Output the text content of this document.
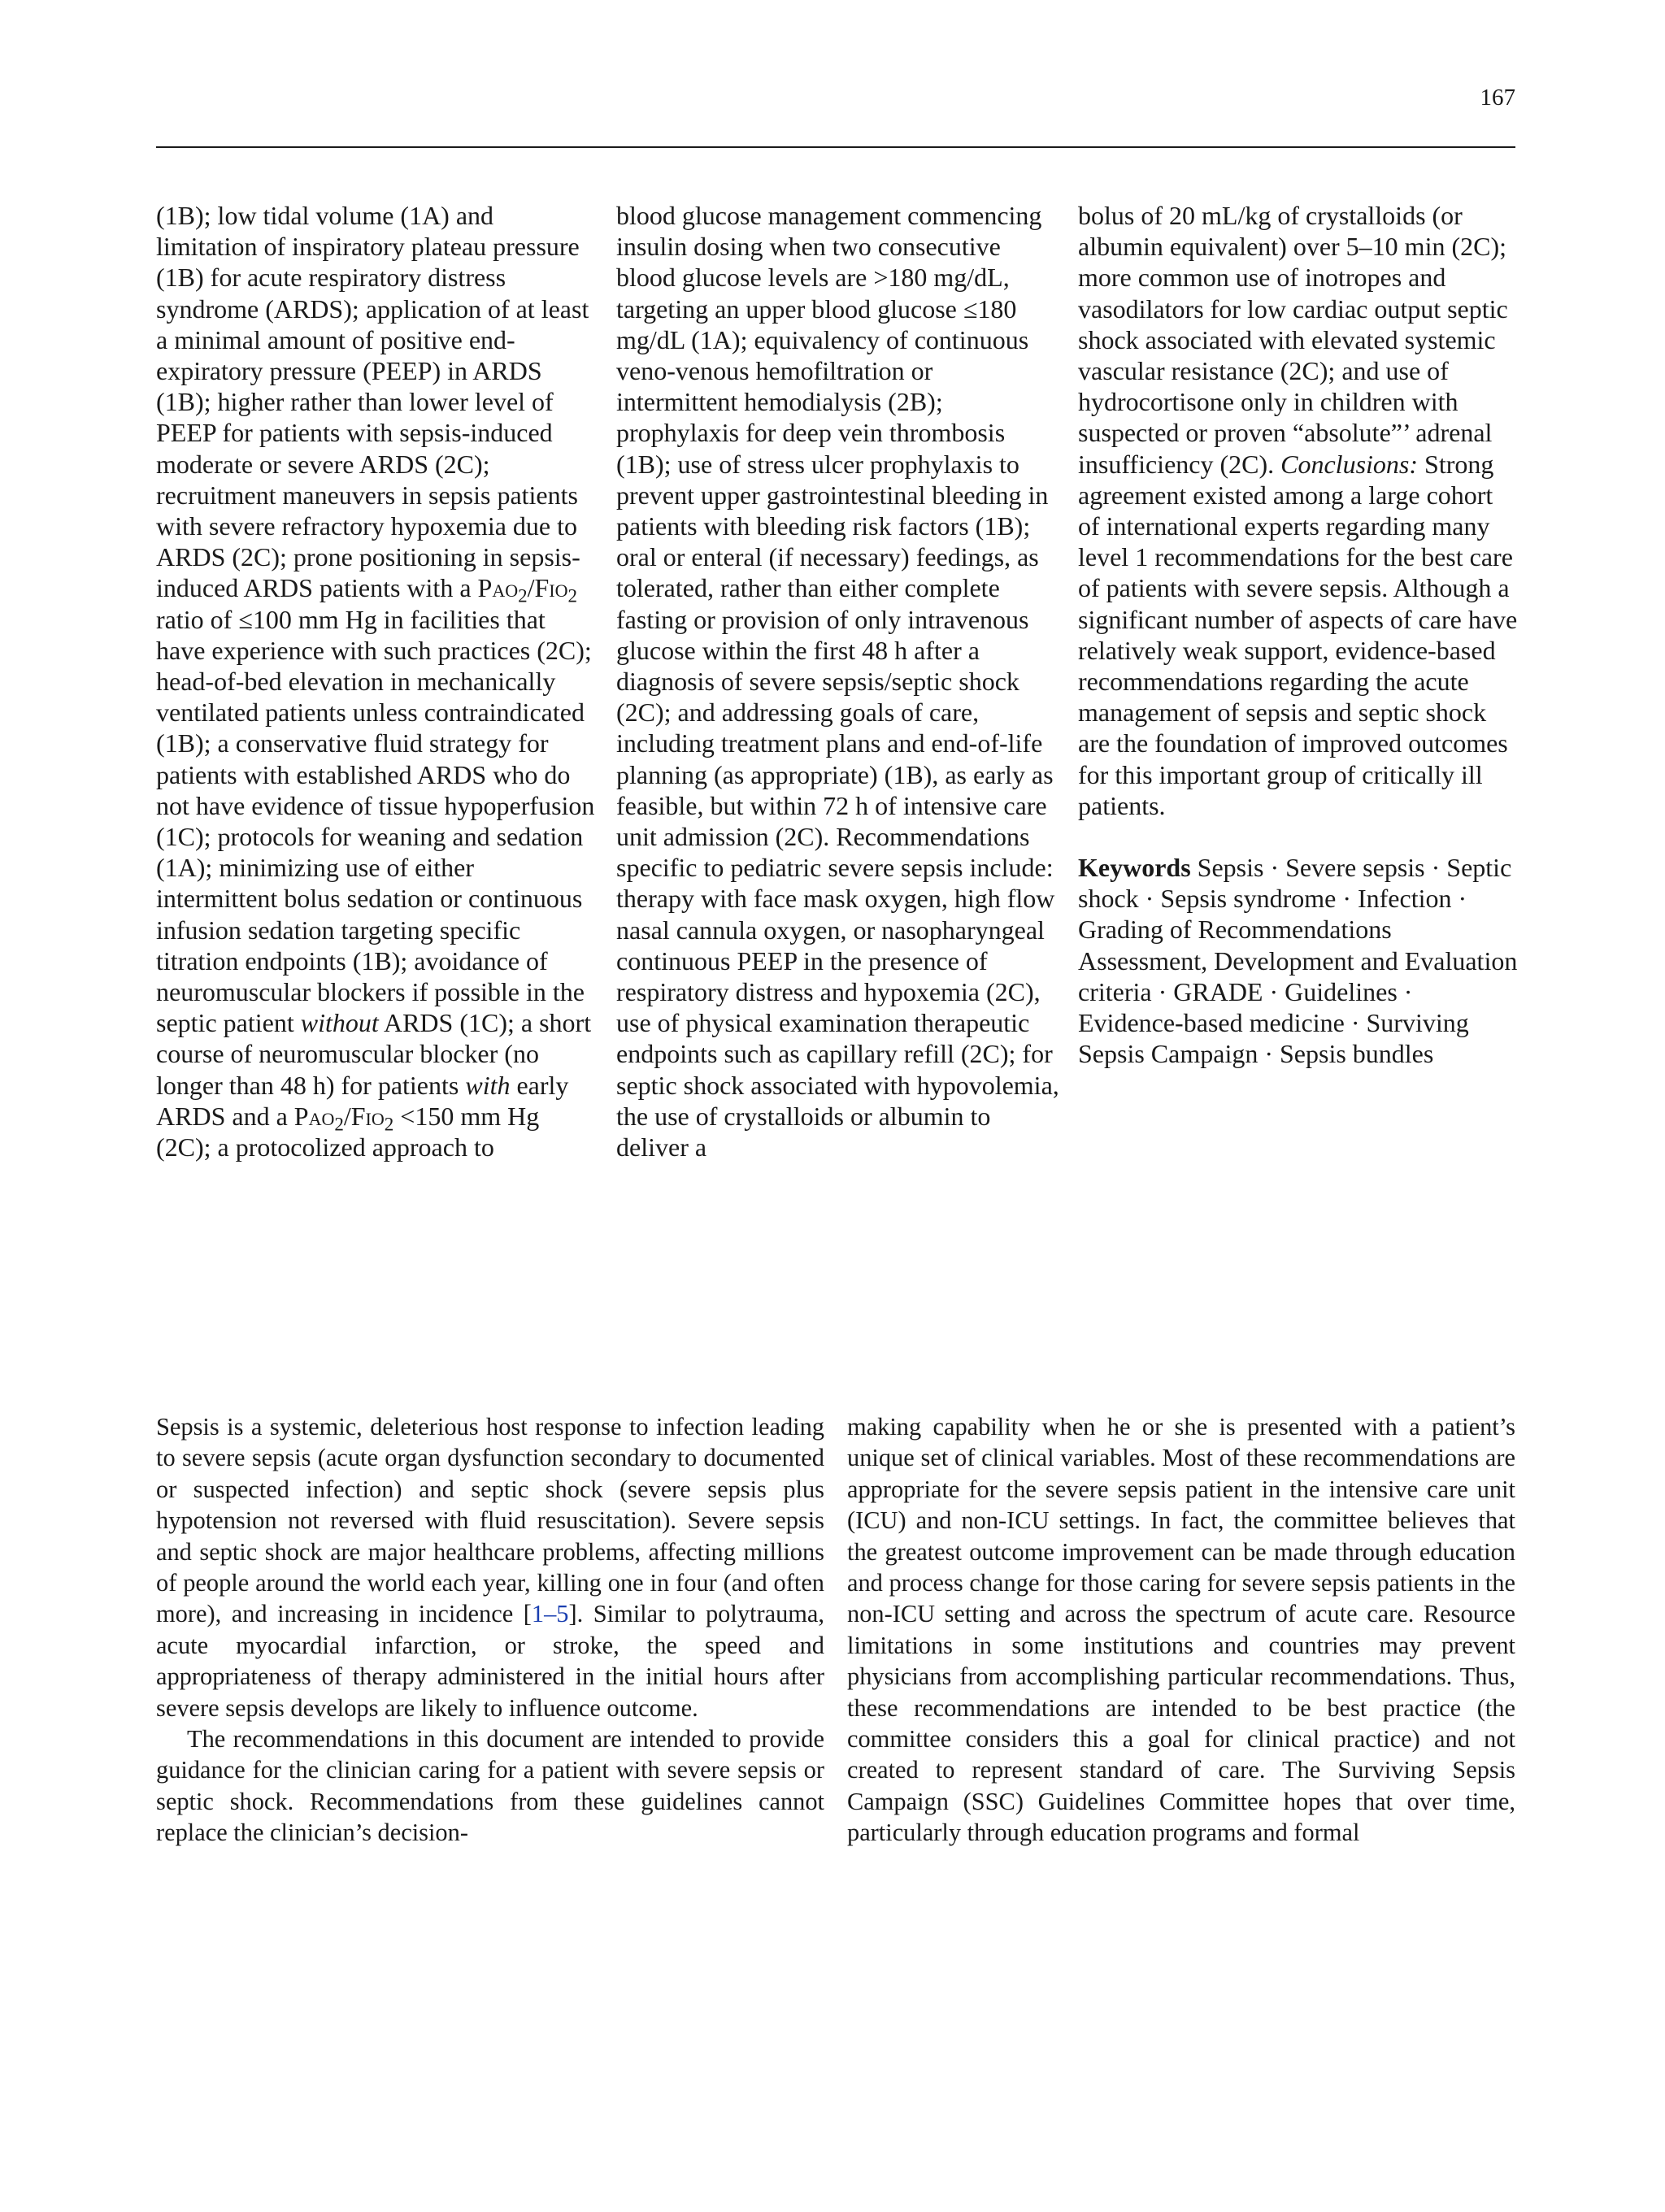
167

(1B); low tidal volume (1A) and limitation of inspiratory plateau pressure (1B) for acute respiratory distress syndrome (ARDS); application of at least a minimal amount of positive end-expiratory pressure (PEEP) in ARDS (1B); higher rather than lower level of PEEP for patients with sepsis-induced moderate or severe ARDS (2C); recruitment maneuvers in sepsis patients with severe refractory hypoxemia due to ARDS (2C); prone positioning in sepsis-induced ARDS patients with a Pao$_2$/Fio$_2$ ratio of ≤100 mm Hg in facilities that have experience with such practices (2C); head-of-bed elevation in mechanically ventilated patients unless contraindicated (1B); a conservative fluid strategy for patients with established ARDS who do not have evidence of tissue hypoperfusion (1C); protocols for weaning and sedation (1A); minimizing use of either intermittent bolus sedation or continuous infusion sedation targeting specific titration endpoints (1B); avoidance of neuromuscular blockers if possible in the septic patient without ARDS (1C); a short course of neuromuscular blocker (no longer than 48 h) for patients with early ARDS and a Pao$_2$/Fio$_2$ <150 mm Hg (2C); a protocolized approach to

blood glucose management commencing insulin dosing when two consecutive blood glucose levels are >180 mg/dL, targeting an upper blood glucose ≤180 mg/dL (1A); equivalency of continuous veno-venous hemofiltration or intermittent hemodialysis (2B); prophylaxis for deep vein thrombosis (1B); use of stress ulcer prophylaxis to prevent upper gastrointestinal bleeding in patients with bleeding risk factors (1B); oral or enteral (if necessary) feedings, as tolerated, rather than either complete fasting or provision of only intravenous glucose within the first 48 h after a diagnosis of severe sepsis/septic shock (2C); and addressing goals of care, including treatment plans and end-of-life planning (as appropriate) (1B), as early as feasible, but within 72 h of intensive care unit admission (2C). Recommendations specific to pediatric severe sepsis include: therapy with face mask oxygen, high flow nasal cannula oxygen, or nasopharyngeal continuous PEEP in the presence of respiratory distress and hypoxemia (2C), use of physical examination therapeutic endpoints such as capillary refill (2C); for septic shock associated with hypovolemia, the use of crystalloids or albumin to deliver a

bolus of 20 mL/kg of crystalloids (or albumin equivalent) over 5–10 min (2C); more common use of inotropes and vasodilators for low cardiac output septic shock associated with elevated systemic vascular resistance (2C); and use of hydrocortisone only in children with suspected or proven “absolute”’ adrenal insufficiency (2C). Conclusions: Strong agreement existed among a large cohort of international experts regarding many level 1 recommendations for the best care of patients with severe sepsis. Although a significant number of aspects of care have relatively weak support, evidence-based recommendations regarding the acute management of sepsis and septic shock are the foundation of improved outcomes for this important group of critically ill patients.

Keywords Sepsis · Severe sepsis · Septic shock · Sepsis syndrome · Infection · Grading of Recommendations Assessment, Development and Evaluation criteria · GRADE · Guidelines · Evidence-based medicine · Surviving Sepsis Campaign · Sepsis bundles

Sepsis is a systemic, deleterious host response to infection leading to severe sepsis (acute organ dysfunction secondary to documented or suspected infection) and septic shock (severe sepsis plus hypotension not reversed with fluid resuscitation). Severe sepsis and septic shock are major healthcare problems, affecting millions of people around the world each year, killing one in four (and often more), and increasing in incidence [1–5]. Similar to polytrauma, acute myocardial infarction, or stroke, the speed and appropriateness of therapy administered in the initial hours after severe sepsis develops are likely to influence outcome.

The recommendations in this document are intended to provide guidance for the clinician caring for a patient with severe sepsis or septic shock. Recommendations from these guidelines cannot replace the clinician’s decision-

making capability when he or she is presented with a patient’s unique set of clinical variables. Most of these recommendations are appropriate for the severe sepsis patient in the intensive care unit (ICU) and non-ICU settings. In fact, the committee believes that the greatest outcome improvement can be made through education and process change for those caring for severe sepsis patients in the non-ICU setting and across the spectrum of acute care. Resource limitations in some institutions and countries may prevent physicians from accomplishing particular recommendations. Thus, these recommendations are intended to be best practice (the committee considers this a goal for clinical practice) and not created to represent standard of care. The Surviving Sepsis Campaign (SSC) Guidelines Committee hopes that over time, particularly through education programs and formal
